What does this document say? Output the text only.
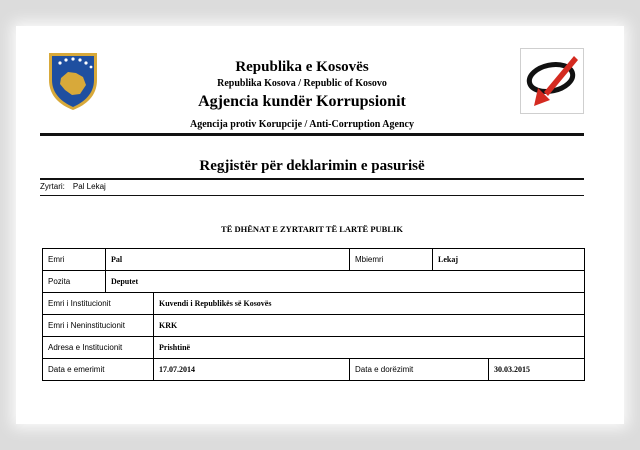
Republika e Kosovës
Republika Kosova / Republic of Kosovo
Agjencia kundër Korrupsionit
Agencija protiv Korupcije / Anti-Corruption Agency
Regjistër për deklarimin e pasurisë
Zyrtari: Pal Lekaj
TË DHËNAT E ZYRTARIT TË LARTË PUBLIK
Emri	Pal		Mbiemri	Lekaj	
Pozita	Deputet				
Emri i Institucionit		Kuvendi i Republikës së Kosovës			
Emri i Neninstitucionit		KRK			
Adresa e Institucionit		Prishtinë			
Data e emerimit		17.07.2014	Data e dorëzimit		30.03.2015
